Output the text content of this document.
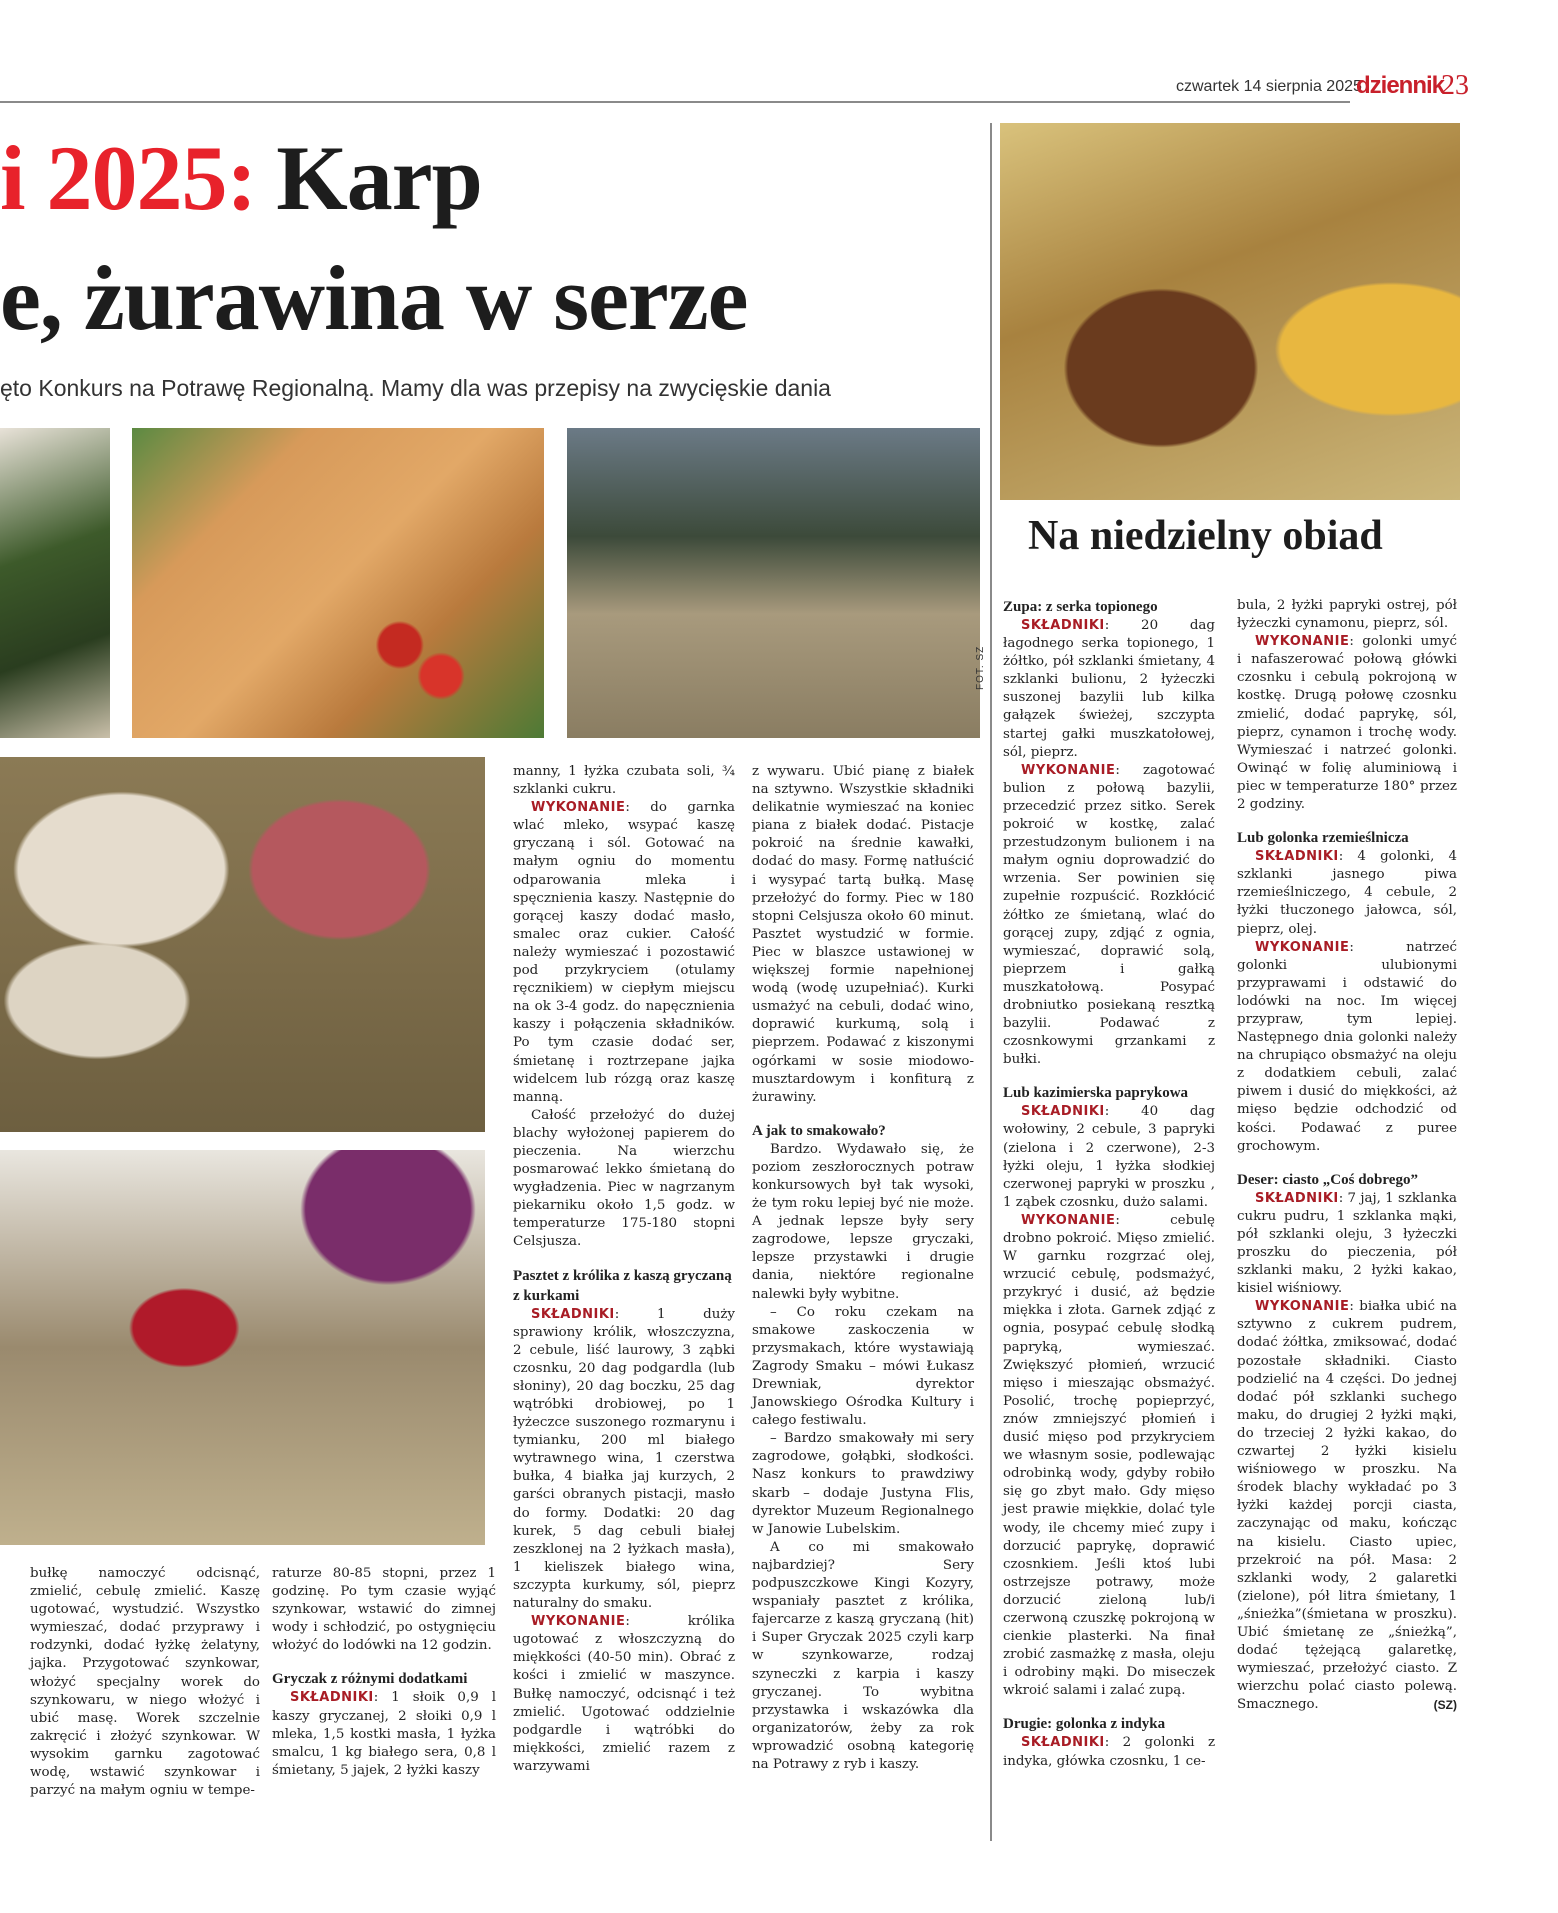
czwartek 14 sierpnia 2025
dziennik
23
i 2025: Karp
e, żurawina w serze
ęto Konkurs na Potrawę Regionalną. Mamy dla was przepisy na zwycięskie dania
FOT. SZ
Na niedzielny obiad

bułkę namoczyć odcisnąć, zmielić, cebulę zmielić. Kaszę ugotować, wystudzić. Wszystko wymieszać, dodać przyprawy i rodzynki, dodać łyżkę żelatyny, jajka. Przygotować szynkowar, włożyć specjalny worek do szynkowaru, w niego włożyć i ubić masę. Worek szczelnie zakręcić i złożyć szynkowar. W wysokim garnku zagotować wodę, wstawić szynkowar i parzyć na małym ogniu w tempe-

raturze 80-85 stopni, przez 1 godzinę. Po tym czasie wyjąć szynkowar, wstawić do zimnej wody i schłodzić, po ostygnięciu włożyć do lodówki na 12 godzin.

Gryczak z różnymi dodatkami

SKŁADNIKI: 1 słoik 0,9 l kaszy gryczanej, 2 słoiki 0,9 l mleka, 1,5 kostki masła, 1 łyżka smalcu, 1 kg białego sera, 0,8 l śmietany, 5 jajek, 2 łyżki kaszy

manny, 1 łyżka czubata soli, ¾ szklanki cukru.

WYKONANIE: do garnka wlać mleko, wsypać kaszę gryczaną i sól. Gotować na małym ogniu do momentu odparowania mleka i spęcznienia kaszy. Następnie do gorącej kaszy dodać masło, smalec oraz cukier. Całość należy wymieszać i pozostawić pod przykryciem (otulamy ręcznikiem) w ciepłym miejscu na ok 3-4 godz. do napęcznienia kaszy i połączenia składników. Po tym czasie dodać ser, śmietanę i roztrzepane jajka widelcem lub rózgą oraz kaszę manną.

Całość przełożyć do dużej blachy wyłożonej papierem do pieczenia. Na wierzchu posmarować lekko śmietaną do wygładzenia. Piec w nagrzanym piekarniku około 1,5 godz. w temperaturze 175-180 stopni Celsjusza.

Pasztet z królika z kaszą gryczaną z kurkami

SKŁADNIKI: 1 duży sprawiony królik, włoszczyzna, 2 cebule, liść laurowy, 3 ząbki czosnku, 20 dag podgardla (lub słoniny), 20 dag boczku, 25 dag wątróbki drobiowej, po 1 łyżeczce suszonego rozmarynu i tymianku, 200 ml białego wytrawnego wina, 1 czerstwa bułka, 4 białka jaj kurzych, 2 garści obranych pistacji, masło do formy. Dodatki: 20 dag kurek, 5 dag cebuli białej zeszklonej na 2 łyżkach masła), 1 kieliszek białego wina, szczypta kurkumy, sól, pieprz naturalny do smaku.

WYKONANIE: królika ugotować z włoszczyzną do miękkości (40-50 min). Obrać z kości i zmielić w maszynce. Bułkę namoczyć, odcisnąć i też zmielić. Ugotować oddzielnie podgardle i wątróbki do miękkości, zmielić razem z warzywami

z wywaru. Ubić pianę z białek na sztywno. Wszystkie składniki delikatnie wymieszać na koniec piana z białek dodać. Pistacje pokroić na średnie kawałki, dodać do masy. Formę natłuścić i wysypać tartą bułką. Masę przełożyć do formy. Piec w 180 stopni Celsjusza około 60 minut. Pasztet wystudzić w formie. Piec w blaszce ustawionej w większej formie napełnionej wodą (wodę uzupełniać). Kurki usmażyć na cebuli, dodać wino, doprawić kurkumą, solą i pieprzem. Podawać z kiszonymi ogórkami w sosie miodowo-musztardowym i konfiturą z żurawiny.

A jak to smakowało?

Bardzo. Wydawało się, że poziom zeszłorocznych potraw konkursowych był tak wysoki, że tym roku lepiej być nie może. A jednak lepsze były sery zagrodowe, lepsze gryczaki, lepsze przystawki i drugie dania, niektóre regionalne nalewki były wybitne.

– Co roku czekam na smakowe zaskoczenia w przysmakach, które wystawiają Zagrody Smaku – mówi Łukasz Drewniak, dyrektor Janowskiego Ośrodka Kultury i całego festiwalu.

– Bardzo smakowały mi sery zagrodowe, gołąbki, słodkości. Nasz konkurs to prawdziwy skarb – dodaje Justyna Flis, dyrektor Muzeum Regionalnego w Janowie Lubelskim.

A co mi smakowało najbardziej? Sery podpuszczkowe Kingi Kozyry, wspaniały pasztet z królika, fajercarze z kaszą gryczaną (hit) i Super Gryczak 2025 czyli karp w szynkowarze, rodzaj szyneczki z karpia i kaszy gryczanej. To wybitna przystawka i wskazówka dla organizatorów, żeby za rok wprowadzić osobną kategorię na Potrawy z ryb i kaszy.

Zupa: z serka topionego

SKŁADNIKI: 20 dag łagodnego serka topionego, 1 żółtko, pół szklanki śmietany, 4 szklanki bulionu, 2 łyżeczki suszonej bazylii lub kilka gałązek świeżej, szczypta startej gałki muszkatołowej, sól, pieprz.

WYKONANIE: zagotować bulion z połową bazylii, przecedzić przez sitko. Serek pokroić w kostkę, zalać przestudzonym bulionem i na małym ogniu doprowadzić do wrzenia. Ser powinien się zupełnie rozpuścić. Rozkłócić żółtko ze śmietaną, wlać do gorącej zupy, zdjąć z ognia, wymieszać, doprawić solą, pieprzem i gałką muszkatołową. Posypać drobniutko posiekaną resztką bazylii. Podawać z czosnkowymi grzankami z bułki.

Lub kazimierska paprykowa

SKŁADNIKI: 40 dag wołowiny, 2 cebule, 3 papryki (zielona i 2 czerwone), 2-3 łyżki oleju, 1 łyżka słodkiej czerwonej papryki w proszku , 1 ząbek czosnku, dużo salami.

WYKONANIE: cebulę drobno pokroić. Mięso zmielić. W garnku rozgrzać olej, wrzucić cebulę, podsmażyć, przykryć i dusić, aż będzie miękka i złota. Garnek zdjąć z ognia, posypać cebulę słodką papryką, wymieszać. Zwiększyć płomień, wrzucić mięso i mieszając obsmażyć. Posolić, trochę popieprzyć, znów zmniejszyć płomień i dusić mięso pod przykryciem we własnym sosie, podlewając odrobinką wody, gdyby robiło się go zbyt mało. Gdy mięso jest prawie miękkie, dolać tyle wody, ile chcemy mieć zupy i dorzucić paprykę, doprawić czosnkiem. Jeśli ktoś lubi ostrzejsze potrawy, może dorzucić zieloną lub/i czerwoną czuszkę pokrojoną w cienkie plasterki. Na finał zrobić zasmażkę z masła, oleju i odrobiny mąki. Do miseczek wkroić salami i zalać zupą.

Drugie: golonka z indyka

SKŁADNIKI: 2 golonki z indyka, główka czosnku, 1 ce-

bula, 2 łyżki papryki ostrej, pół łyżeczki cynamonu, pieprz, sól.

WYKONANIE: golonki umyć i nafaszerować połową główki czosnku i cebulą pokrojoną w kostkę. Drugą połowę czosnku zmielić, dodać paprykę, sól, pieprz, cynamon i trochę wody. Wymieszać i natrzeć golonki. Owinąć w folię aluminiową i piec w temperaturze 180° przez 2 godziny.

Lub golonka rzemieślnicza

SKŁADNIKI: 4 golonki, 4 szklanki jasnego piwa rzemieślniczego, 4 cebule, 2 łyżki tłuczonego jałowca, sól, pieprz, olej.

WYKONANIE: natrzeć golonki ulubionymi przyprawami i odstawić do lodówki na noc. Im więcej przypraw, tym lepiej. Następnego dnia golonki należy na chrupiąco obsmażyć na oleju z dodatkiem cebuli, zalać piwem i dusić do miękkości, aż mięso będzie odchodzić od kości. Podawać z puree grochowym.

Deser: ciasto „Coś dobrego”

SKŁADNIKI: 7 jaj, 1 szklanka cukru pudru, 1 szklanka mąki, pół szklanki oleju, 3 łyżeczki proszku do pieczenia, pół szklanki maku, 2 łyżki kakao, kisiel wiśniowy.

WYKONANIE: białka ubić na sztywno z cukrem pudrem, dodać żółtka, zmiksować, dodać pozostałe składniki. Ciasto podzielić na 4 części. Do jednej dodać pół szklanki suchego maku, do drugiej 2 łyżki mąki, do trzeciej 2 łyżki kakao, do czwartej 2 łyżki kisielu wiśniowego w proszku. Na środek blachy wykładać po 3 łyżki każdej porcji ciasta, zaczynając od maku, kończąc na kisielu. Ciasto upiec, przekroić na pół. Masa: 2 szklanki wody, 2 galaretki (zielone), pół litra śmietany, 1 „śnieżka”(śmietana w proszku). Ubić śmietanę ze „śnieżką”, dodać tężejącą galaretkę, wymieszać, przełożyć ciasto. Z wierzchu polać ciasto polewą. Smacznego.	(SZ)
